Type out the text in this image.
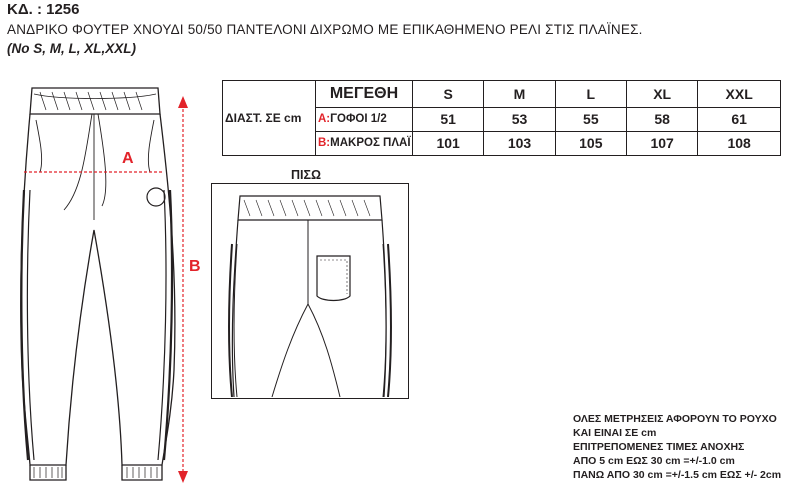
ΚΔ. : 1256
ΑΝΔΡΙΚΟ ΦΟΥΤΕΡ ΧΝΟΥΔΙ 50/50 ΠΑΝΤΕΛΟΝΙ ΔΙΧΡΩΜΟ ΜΕ ΕΠΙΚΑΘΗΜΕΝΟ ΡΕΛΙ ΣΤΙΣ ΠΛΑΪΝΕΣ.
(No S, M, L, XL,XXL)
A
B
ΔΙΑΣΤ. ΣΕ cm	ΜΕΓΕΘΗ	S	M	L	XL	XXL
	A:ΓΟΦΟΙ 1/2	51	53	55	58	61
	B:ΜΑΚΡΟΣ ΠΛΑΪ	101	103	105	107	108
ΠΙΣΩ
ΟΛΕΣ ΜΕΤΡΗΣΕΙΣ ΑΦΟΡΟΥΝ ΤΟ ΡΟΥΧΟ
ΚΑΙ ΕΙΝΑΙ ΣΕ cm
ΕΠΙΤΡΕΠΟΜΕΝΕΣ ΤΙΜΕΣ ΑΝΟΧΗΣ
ΑΠΟ 5 cm ΕΩΣ 30 cm =+/-1.0 cm
ΠΑΝΩ ΑΠΟ 30 cm =+/-1.5 cm ΕΩΣ +/- 2cm
